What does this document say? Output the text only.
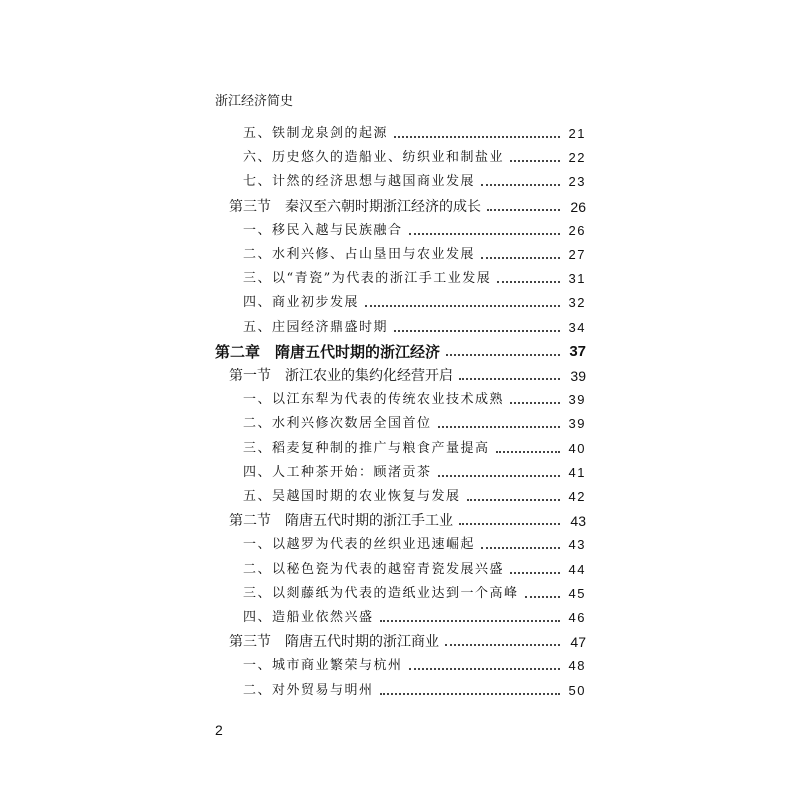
浙江经济简史
五、铁制龙泉剑的起源	21
六、历史悠久的造船业、纺织业和制盐业	22
七、计然的经济思想与越国商业发展	23
第三节　秦汉至六朝时期浙江经济的成长	26
一、移民入越与民族融合	26
二、水利兴修、占山垦田与农业发展	27
三、以“青瓷”为代表的浙江手工业发展	31
四、商业初步发展	32
五、庄园经济鼎盛时期	34
第二章　隋唐五代时期的浙江经济	37
第一节　浙江农业的集约化经营开启	39
一、以江东犁为代表的传统农业技术成熟	39
二、水利兴修次数居全国首位	39
三、稻麦复种制的推广与粮食产量提高	40
四、人工种茶开始：顾渚贡茶	41
五、吴越国时期的农业恢复与发展	42
第二节　隋唐五代时期的浙江手工业	43
一、以越罗为代表的丝织业迅速崛起	43
二、以秘色瓷为代表的越窑青瓷发展兴盛	44
三、以剡藤纸为代表的造纸业达到一个高峰	45
四、造船业依然兴盛	46
第三节　隋唐五代时期的浙江商业	47
一、城市商业繁荣与杭州	48
二、对外贸易与明州	50
2
